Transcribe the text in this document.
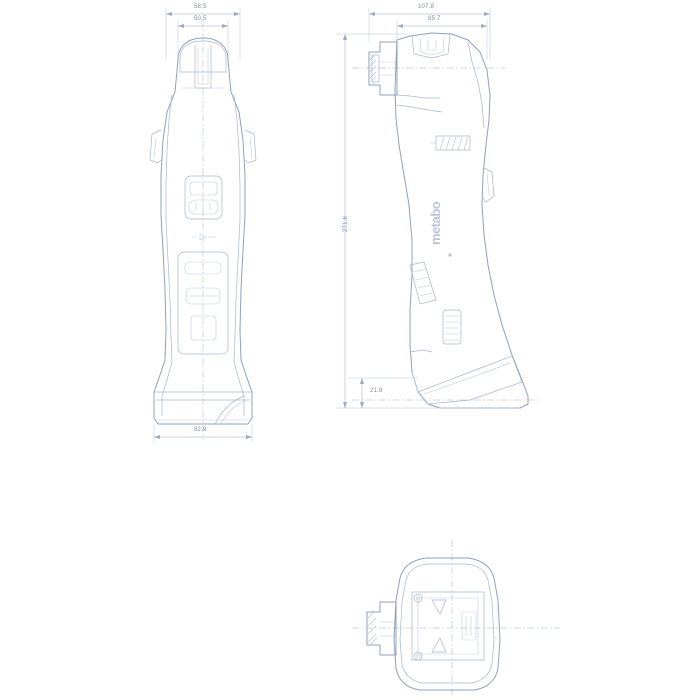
metabo
58.5
50.5
82.9
107.8
85.7
271.6
21.9
